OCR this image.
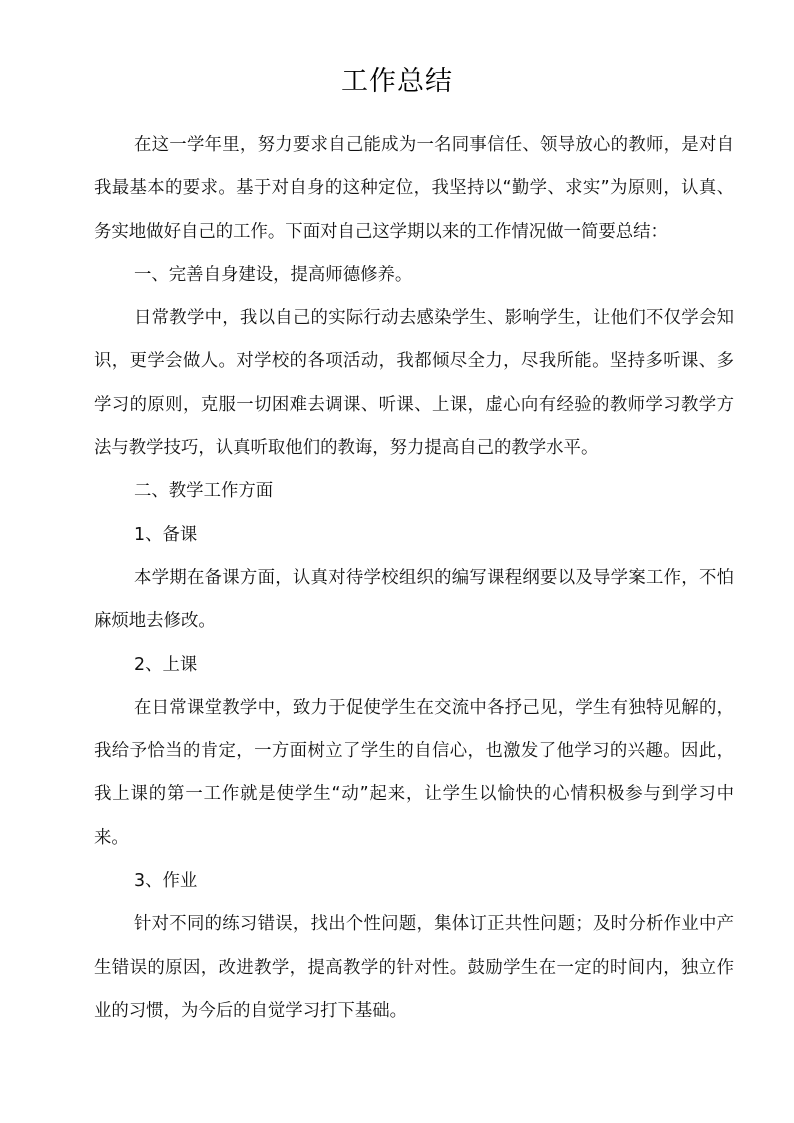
工作总结

在这一学年里，努力要求自己能成为一名同事信任、领导放心的教师，是对自我最基本的要求。基于对自身的这种定位，我坚持以“勤学、求实”为原则，认真、务实地做好自己的工作。下面对自己这学期以来的工作情况做一简要总结：

一、完善自身建设，提高师德修养。

日常教学中，我以自己的实际行动去感染学生、影响学生，让他们不仅学会知识，更学会做人。对学校的各项活动，我都倾尽全力，尽我所能。坚持多听课、多学习的原则，克服一切困难去调课、听课、上课，虚心向有经验的教师学习教学方法与教学技巧，认真听取他们的教诲，努力提高自己的教学水平。

二、教学工作方面

1、备课

本学期在备课方面，认真对待学校组织的编写课程纲要以及导学案工作，不怕麻烦地去修改。

2、上课

在日常课堂教学中，致力于促使学生在交流中各抒己见，学生有独特见解的，我给予恰当的肯定，一方面树立了学生的自信心，也激发了他学习的兴趣。因此，我上课的第一工作就是使学生“动”起来，让学生以愉快的心情积极参与到学习中来。

3、作业

针对不同的练习错误，找出个性问题，集体订正共性问题；及时分析作业中产生错误的原因，改进教学，提高教学的针对性。鼓励学生在一定的时间内，独立作业的习惯，为今后的自觉学习打下基础。
